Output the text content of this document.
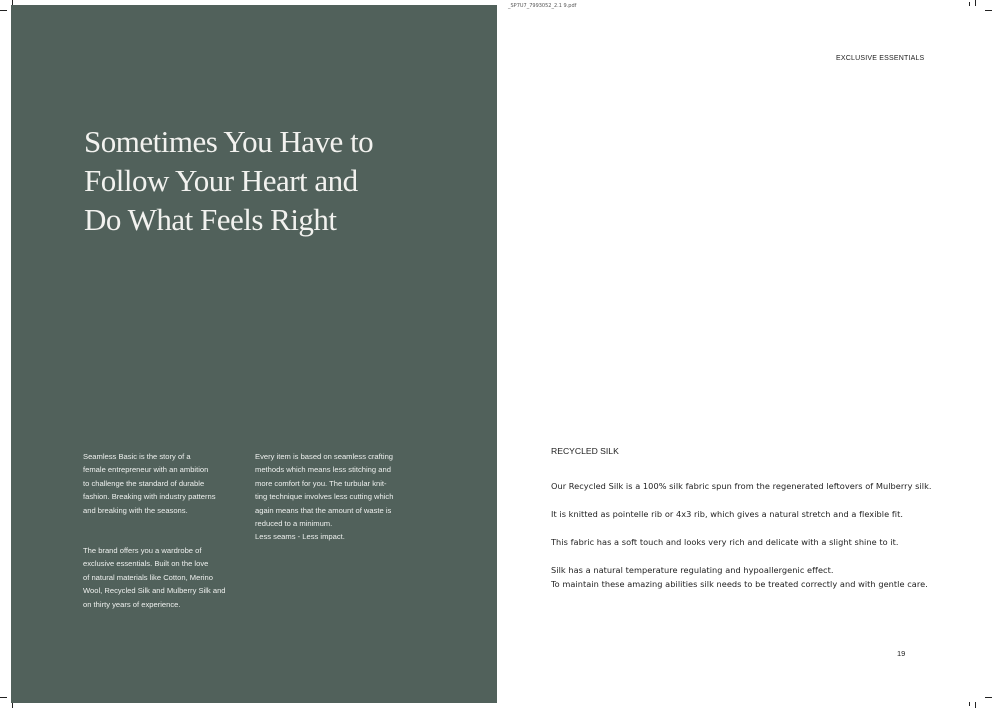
_SP7U7_7993052_2.1 9.pdf
Sometimes You Have to
Follow Your Heart and
Do What Feels Right
Seamless Basic is the story of a
female entrepreneur with an ambition
to challenge the standard of durable
fashion. Breaking with industry patterns
and breaking with the seasons.
The brand offers you a wardrobe of
exclusive essentials. Built on the love
of natural materials like Cotton, Merino
Wool, Recycled Silk and Mulberry Silk and
on thirty years of experience.
Every item is based on seamless crafting
methods which means less stitching and
more comfort for you. The turbular knit-
ting technique involves less cutting which
again means that the amount of waste is
reduced to a minimum.
Less seams - Less impact.
EXCLUSIVE ESSENTIALS
RECYCLED SILK
Our Recycled Silk is a 100% silk fabric spun from the regenerated leftovers of Mulberry silk.
It is knitted as pointelle rib or 4x3 rib, which gives a natural stretch and a flexible fit.
This fabric has a soft touch and looks very rich and delicate with a slight shine to it.
Silk has a natural temperature regulating and hypoallergenic effect.
To maintain these amazing abilities silk needs to be treated correctly and with gentle care.
19
